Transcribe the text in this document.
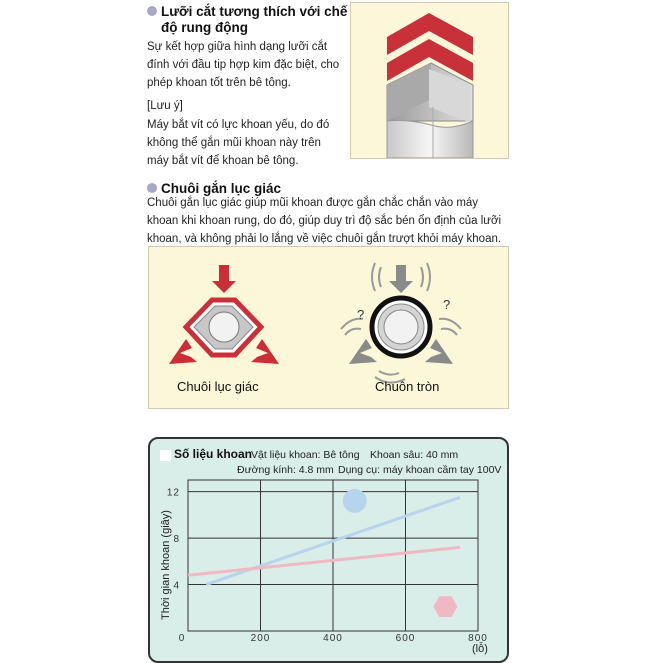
Lưỡi cắt tương thích với chế
độ rung động
Sự kết hợp giữa hình dạng lưỡi cắt
đính với đầu tip hợp kim đặc biệt, cho
phép khoan tốt trên bê tông.
[Lưu ý]
Máy bắt vít có lực khoan yếu, do đó
không thể gắn mũi khoan này trên
máy bắt vít để khoan bê tông.
Chuôi gắn lục giác
Chuôi gắn lục giác giúp mũi khoan được gắn chắc chắn vào máy
khoan khi khoan rung, do đó, giúp duy trì độ sắc bén ổn định của lưỡi
khoan, và không phải lo lắng về việc chuôi gắn trượt khỏi máy khoan.
?
?
Chuôi lục giác	Chuôn tròn
Số liệu khoan
Vật liệu khoan: Bê tông Khoan sâu: 40 mm
Đường kính: 4.8 mm Dụng cụ: máy khoan cầm tay 100V
Thời gian khoan (giây)
0	200	400	600	800
12
8
4
(lỗ)
